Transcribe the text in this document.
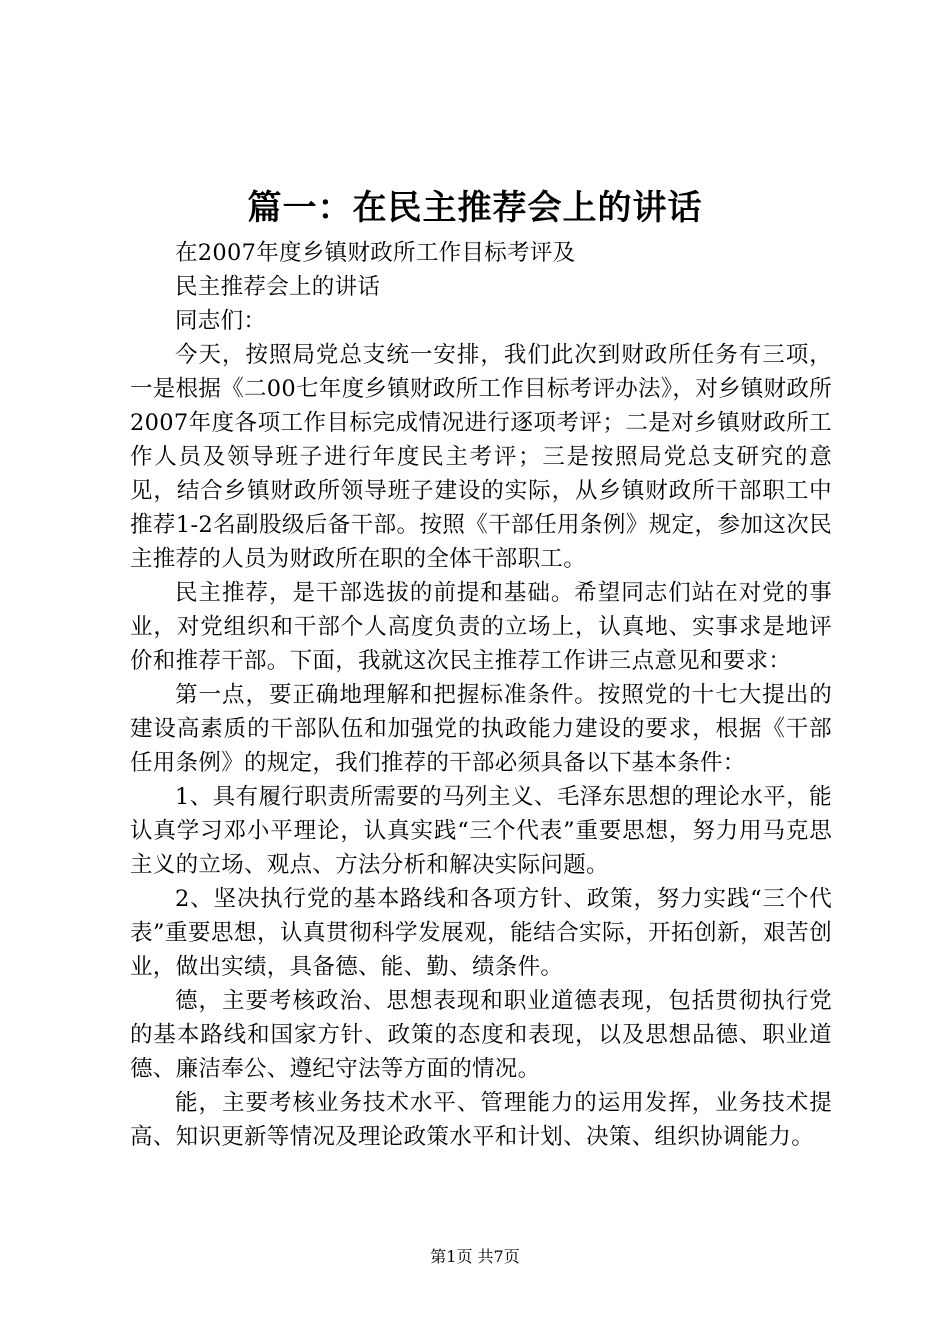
篇一：在民主推荐会上的讲话

在2007年度乡镇财政所工作目标考评及

民主推荐会上的讲话

同志们：

今天，按照局党总支统一安排，我们此次到财政所任务有三项，一是根据《二00七年度乡镇财政所工作目标考评办法》，对乡镇财政所2007年度各项工作目标完成情况进行逐项考评；二是对乡镇财政所工作人员及领导班子进行年度民主考评；三是按照局党总支研究的意见，结合乡镇财政所领导班子建设的实际，从乡镇财政所干部职工中推荐1-2名副股级后备干部。按照《干部任用条例》规定，参加这次民主推荐的人员为财政所在职的全体干部职工。

民主推荐，是干部选拔的前提和基础。希望同志们站在对党的事业，对党组织和干部个人高度负责的立场上，认真地、实事求是地评价和推荐干部。下面，我就这次民主推荐工作讲三点意见和要求：

第一点，要正确地理解和把握标准条件。按照党的十七大提出的建设高素质的干部队伍和加强党的执政能力建设的要求，根据《干部任用条例》的规定，我们推荐的干部必须具备以下基本条件：

1、具有履行职责所需要的马列主义、毛泽东思想的理论水平，能认真学习邓小平理论，认真实践“三个代表”重要思想，努力用马克思主义的立场、观点、方法分析和解决实际问题。

2、坚决执行党的基本路线和各项方针、政策，努力实践“三个代表”重要思想，认真贯彻科学发展观，能结合实际，开拓创新，艰苦创业，做出实绩，具备德、能、勤、绩条件。

德，主要考核政治、思想表现和职业道德表现，包括贯彻执行党的基本路线和国家方针、政策的态度和表现，以及思想品德、职业道德、廉洁奉公、遵纪守法等方面的情况。

能，主要考核业务技术水平、管理能力的运用发挥，业务技术提高、知识更新等情况及理论政策水平和计划、决策、组织协调能力。

第1页 共7页
